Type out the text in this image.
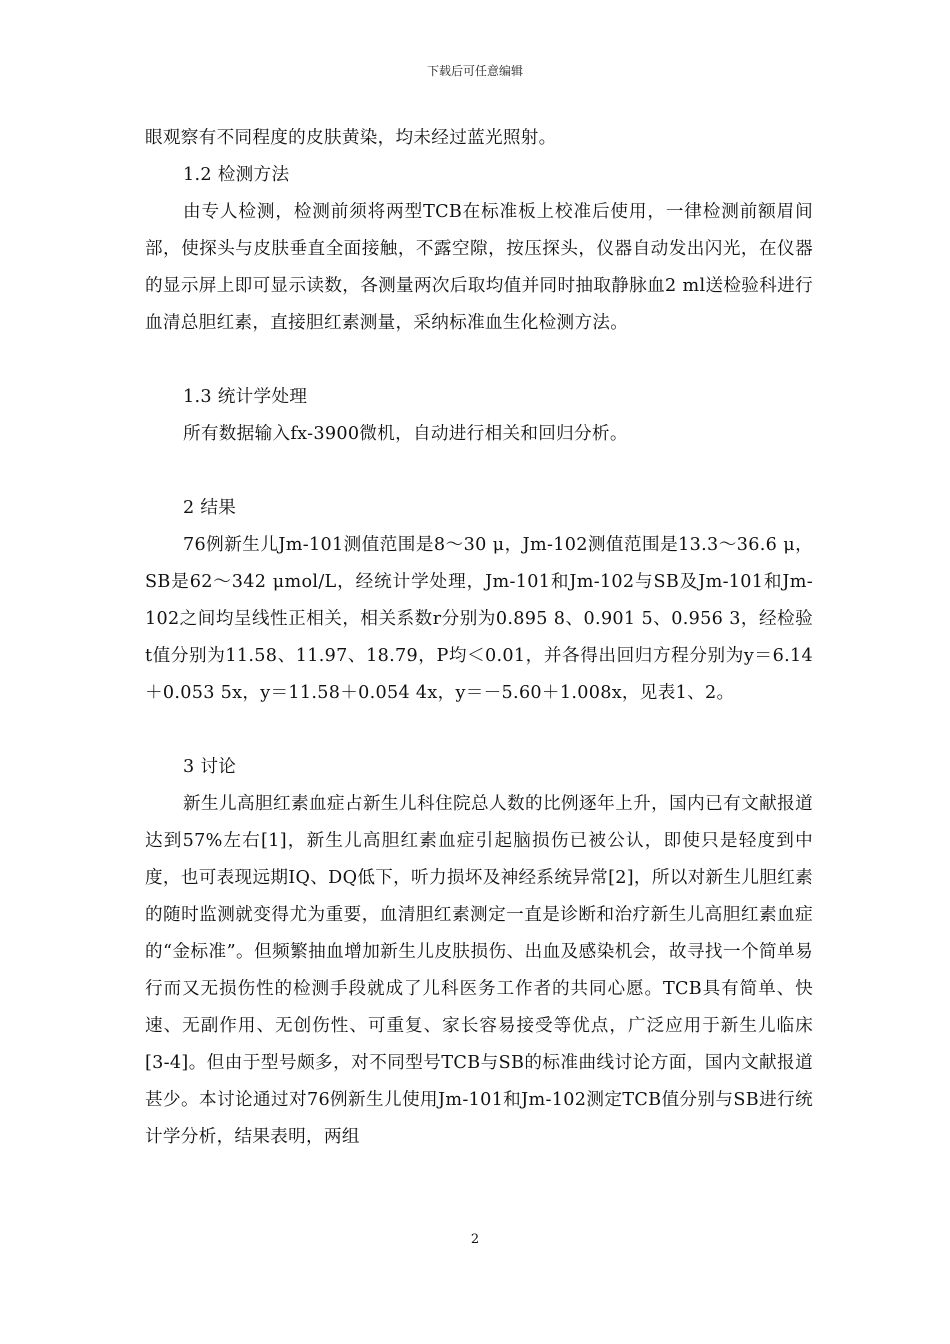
下载后可任意编辑

眼观察有不同程度的皮肤黄染，均未经过蓝光照射。

1.2 检测方法

由专人检测，检测前须将两型TCB在标准板上校准后使用，一律检测前额眉间部，使探头与皮肤垂直全面接触，不露空隙，按压探头，仪器自动发出闪光，在仪器的显示屏上即可显示读数，各测量两次后取均值并同时抽取静脉血2 ml送检验科进行血清总胆红素，直接胆红素测量，采纳标准血生化检测方法。

1.3 统计学处理

所有数据输入fx-3900微机，自动进行相关和回归分析。

2 结果

76例新生儿Jm-101测值范围是8～30 μ，Jm-102测值范围是13.3～36.6 μ，SB是62～342 μmol/L，经统计学处理，Jm-101和Jm-102与SB及Jm-101和Jm-102之间均呈线性正相关，相关系数r分别为0.895 8、0.901 5、0.956 3，经检验t值分别为11.58、11.97、18.79，P均＜0.01，并各得出回归方程分别为y＝6.14＋0.053 5x，y＝11.58＋0.054 4x，y＝－5.60＋1.008x，见表1、2。

3 讨论

新生儿高胆红素血症占新生儿科住院总人数的比例逐年上升，国内已有文献报道达到57%左右[1]，新生儿高胆红素血症引起脑损伤已被公认，即使只是轻度到中度，也可表现远期IQ、DQ低下，听力损坏及神经系统异常[2]，所以对新生儿胆红素的随时监测就变得尤为重要，血清胆红素测定一直是诊断和治疗新生儿高胆红素血症的“金标准”。但频繁抽血增加新生儿皮肤损伤、出血及感染机会，故寻找一个简单易行而又无损伤性的检测手段就成了儿科医务工作者的共同心愿。TCB具有简单、快速、无副作用、无创伤性、可重复、家长容易接受等优点，广泛应用于新生儿临床[3-4]。但由于型号颇多，对不同型号TCB与SB的标准曲线讨论方面，国内文献报道甚少。本讨论通过对76例新生儿使用Jm-101和Jm-102测定TCB值分别与SB进行统计学分析，结果表明，两组

2
